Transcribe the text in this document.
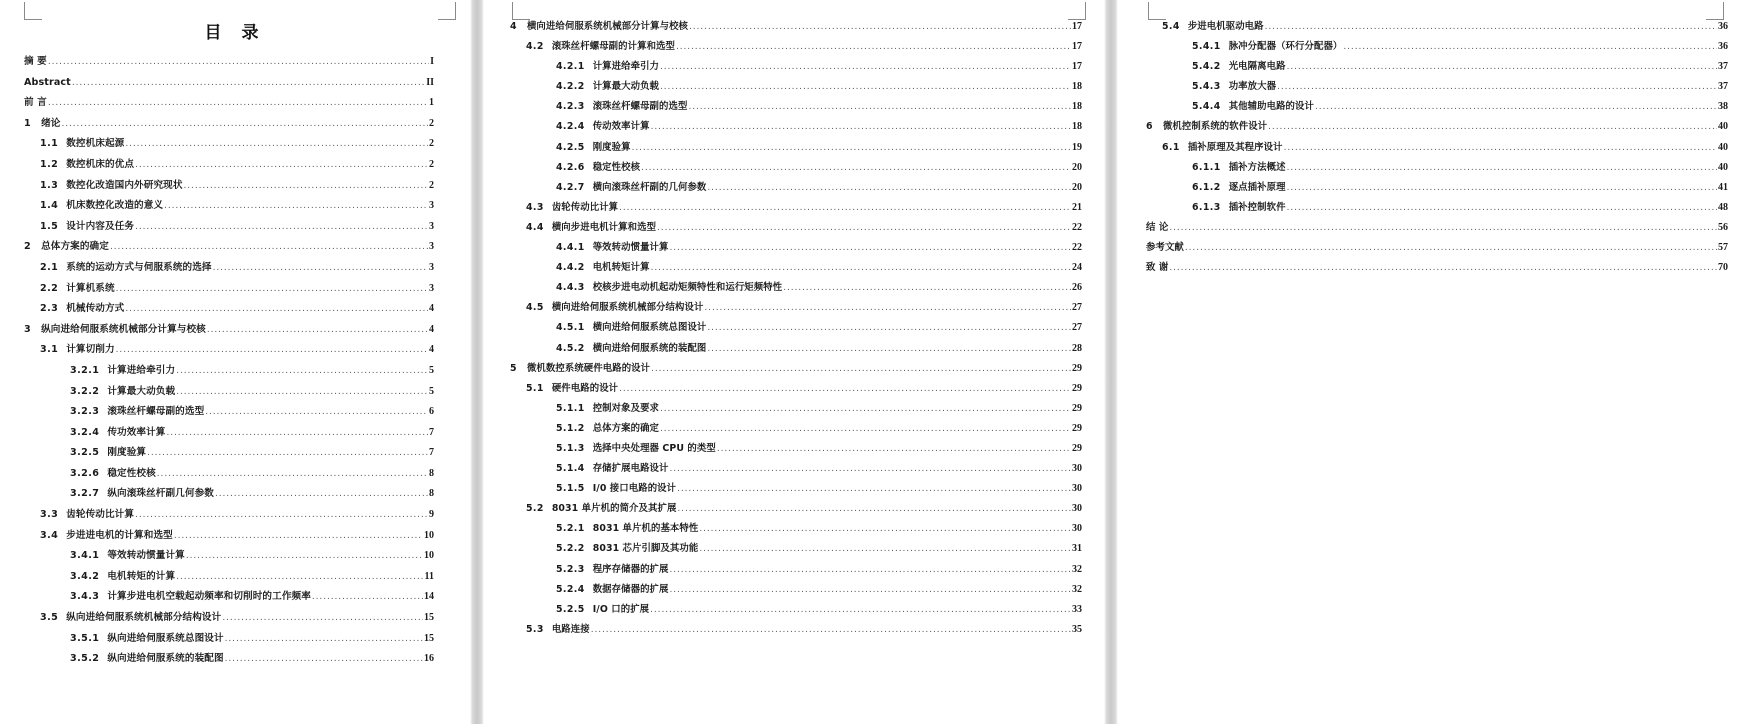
目 录
摘 要 .....	I
Abstract .....	II
前 言 .....	1
1 绪论 .....	2
1.1 数控机床起源 .....	2
1.2 数控机床的优点 .....	2
1.3 数控化改造国内外研究现状 .....	2
1.4 机床数控化改造的意义 .....	3
1.5 设计内容及任务 .....	3
2 总体方案的确定 .....	3
2.1 系统的运动方式与伺服系统的选择 .....	3
2.2 计算机系统 .....	3
2.3 机械传动方式 .....	4
3 纵向进给伺服系统机械部分计算与校核 .....	4
3.1 计算切削力 .....	4
3.2.1 计算进给牵引力 .....	5
3.2.2 计算最大动负载 .....	5
3.2.3 滚珠丝杆螺母副的选型 .....	6
3.2.4 传功效率计算 .....	7
3.2.5 刚度验算 .....	7
3.2.6 稳定性校核 .....	8
3.2.7 纵向滚珠丝杆副几何参数 .....	8
3.3 齿轮传动比计算 .....	9
3.4 步进进电机的计算和选型 .....	10
3.4.1 等效转动惯量计算 .....	10
3.4.2 电机转矩的计算 .....	11
3.4.3 计算步进电机空载起动频率和切削时的工作频率 .....	14
3.5 纵向进给伺服系统机械部分结构设计 .....	15
3.5.1 纵向进给伺服系统总图设计 .....	15
3.5.2 纵向进给伺服系统的装配图 .....	16
4 横向进给伺服系统机械部分计算与校核 .....	17
4.2 滚珠丝杆螺母副的计算和选型 .....	17
4.2.1 计算进给牵引力 .....	17
4.2.2 计算最大动负载 .....	18
4.2.3 滚珠丝杆螺母副的选型 .....	18
4.2.4 传动效率计算 .....	18
4.2.5 刚度验算 .....	19
4.2.6 稳定性校核 .....	20
4.2.7 横向滚珠丝杆副的几何参数 .....	20
4.3 齿轮传动比计算 .....	21
4.4 横向步进电机计算和选型 .....	22
4.4.1 等效转动惯量计算 .....	22
4.4.2 电机转矩计算 .....	24
4.4.3 校核步进电动机起动矩频特性和运行矩频特性 .....	26
4.5 横向进给伺服系统机械部分结构设计 .....	27
4.5.1 横向进给伺服系统总图设计 .....	27
4.5.2 横向进给伺服系统的装配图 .....	28
5 微机数控系统硬件电路的设计 .....	29
5.1 硬件电路的设计 .....	29
5.1.1 控制对象及要求 .....	29
5.1.2 总体方案的确定 .....	29
5.1.3 选择中央处理器 CPU 的类型 .....	29
5.1.4 存储扩展电路设计 .....	30
5.1.5 I/0 接口电路的设计 .....	30
5.2 8031 单片机的简介及其扩展 .....	30
5.2.1 8031 单片机的基本特性 .....	30
5.2.2 8031 芯片引脚及其功能 .....	31
5.2.3 程序存储器的扩展 .....	32
5.2.4 数据存储器的扩展 .....	32
5.2.5 I/O 口的扩展 .....	33
5.3 电路连接 .....	35
5.4 步进电机驱动电路 .....	36
5.4.1 脉冲分配器（环行分配器） .....	36
5.4.2 光电隔离电路 .....	37
5.4.3 功率放大器 .....	37
5.4.4 其他辅助电路的设计 .....	38
6 微机控制系统的软件设计 .....	40
6.1 插补原理及其程序设计 .....	40
6.1.1 插补方法概述 .....	40
6.1.2 逐点插补原理 .....	41
6.1.3 插补控制软件 .....	48
结 论 .....	56
参考文献 .....	57
致 谢 .....	70
